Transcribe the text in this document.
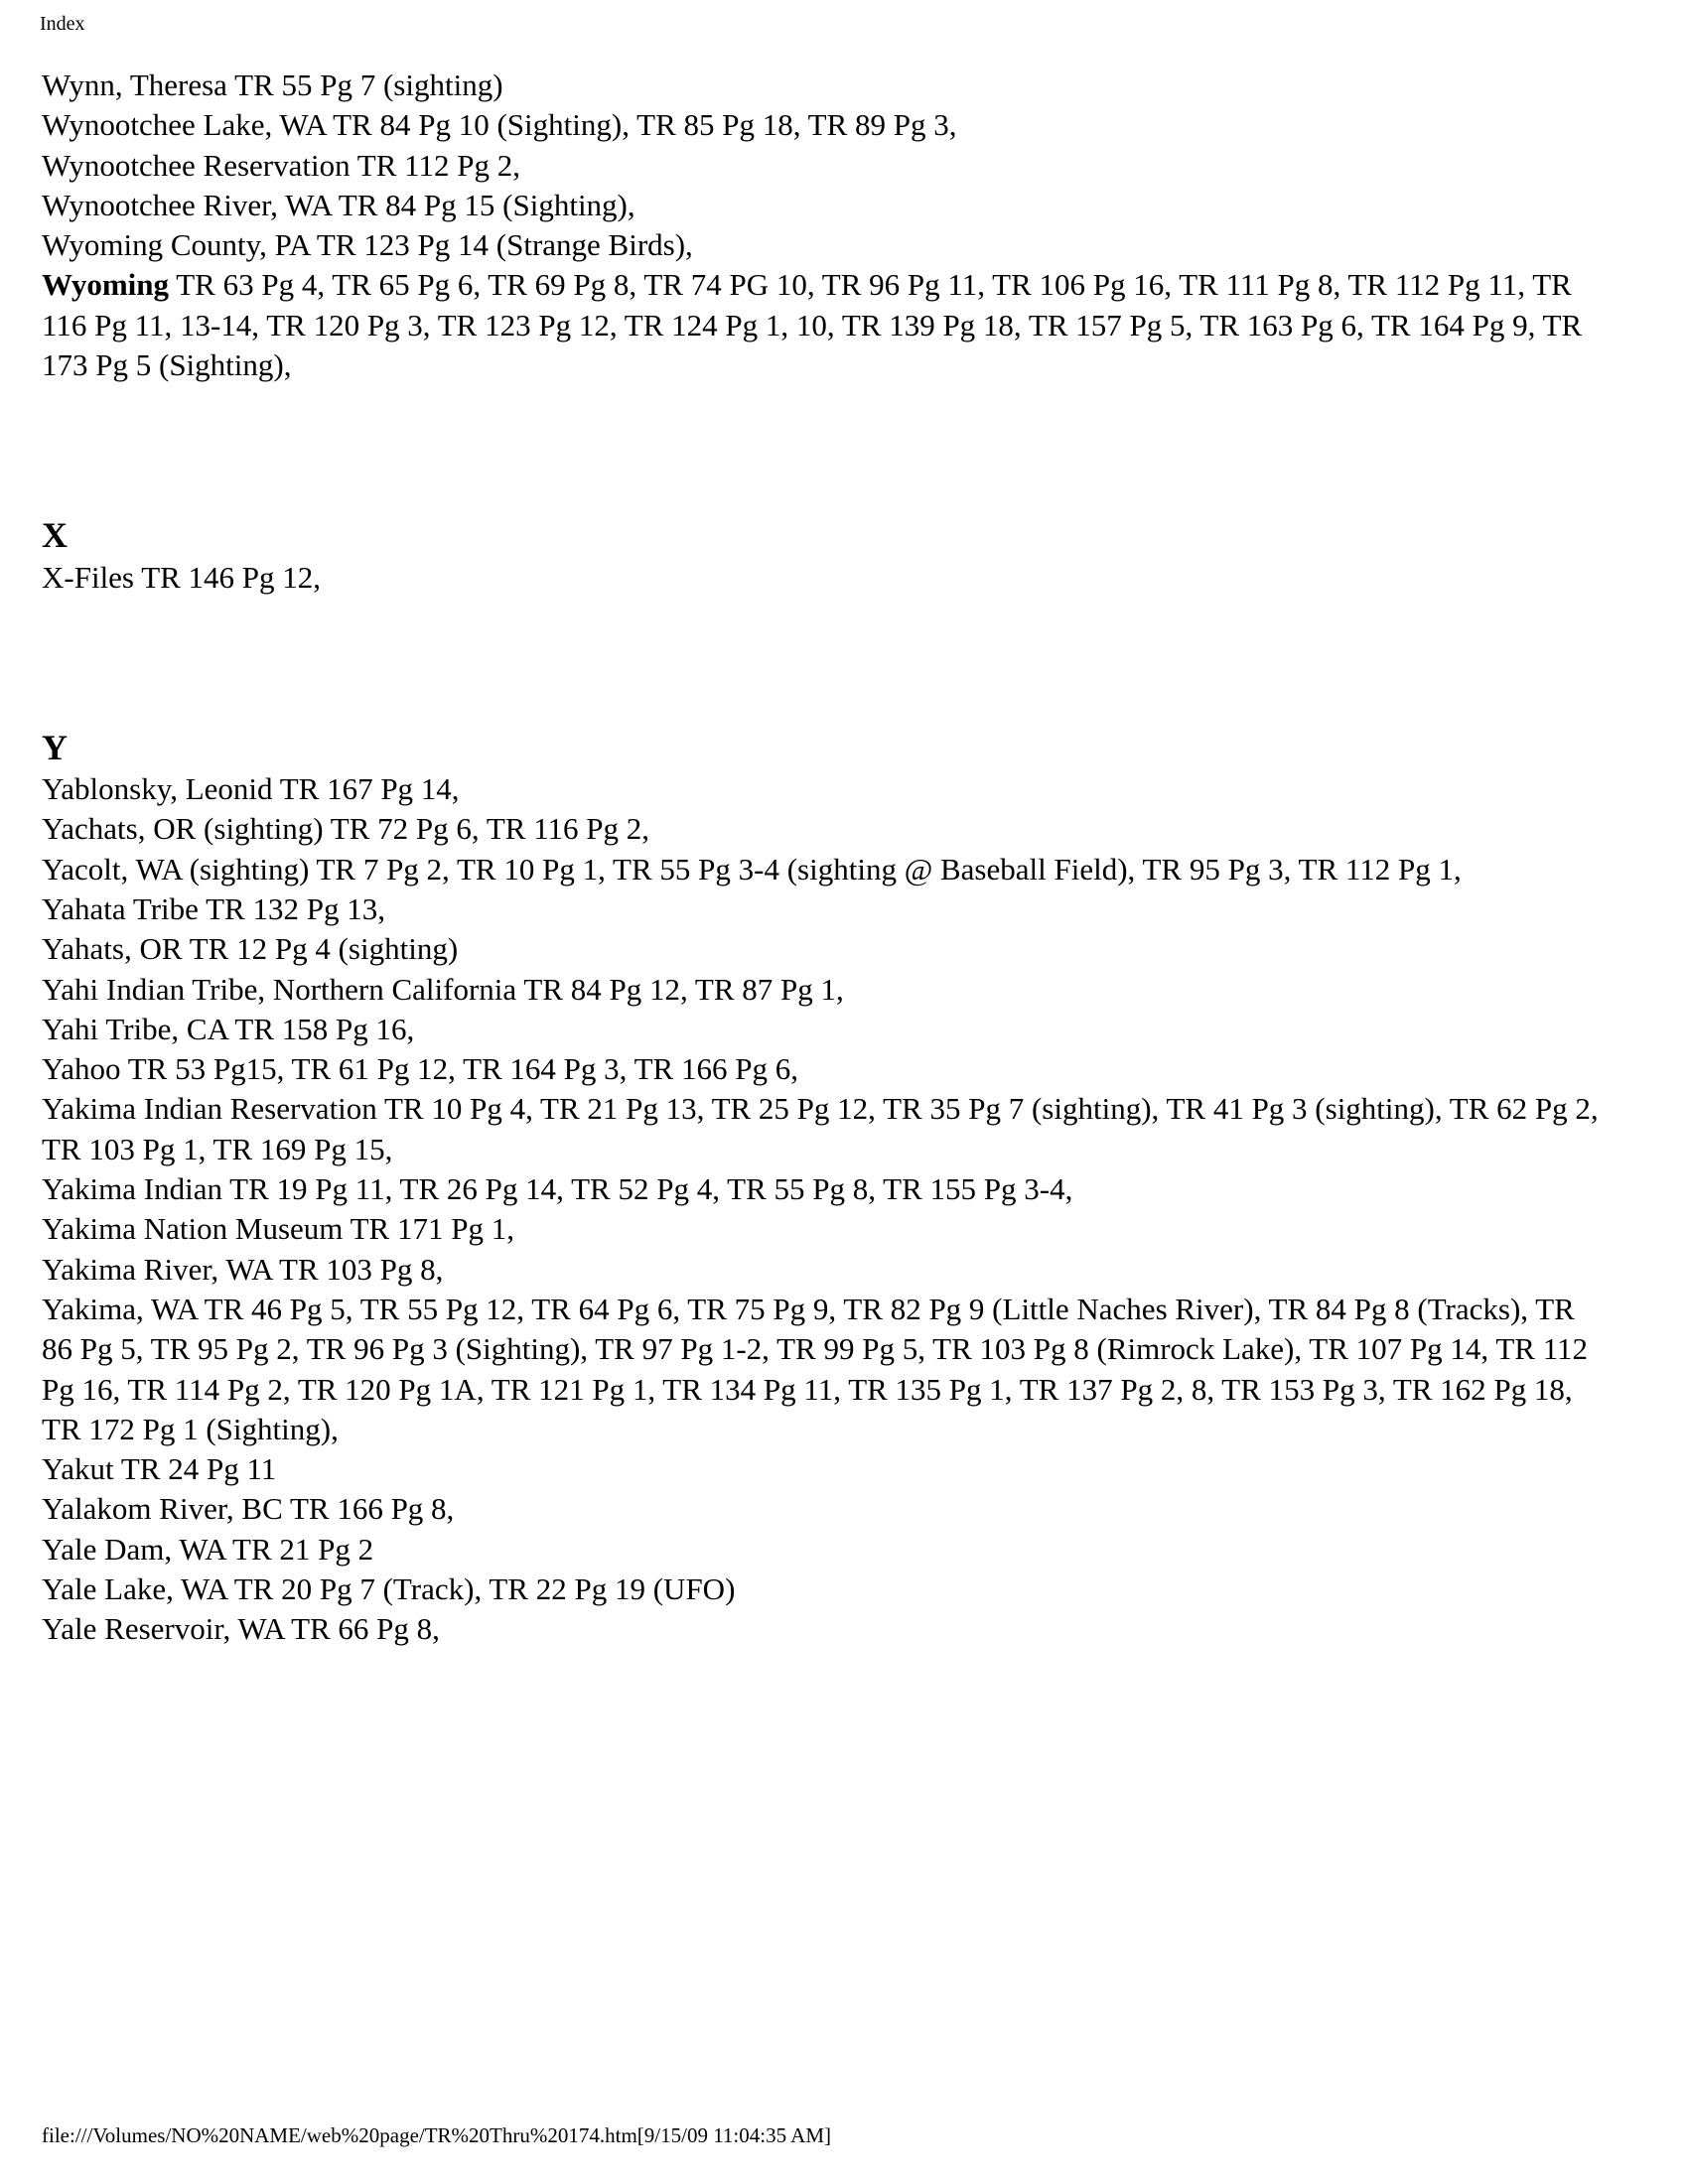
Index
Wynn, Theresa TR 55 Pg 7 (sighting)
Wynootchee Lake, WA TR 84 Pg 10 (Sighting), TR 85 Pg 18, TR 89 Pg 3,
Wynootchee Reservation TR 112 Pg 2,
Wynootchee River, WA TR 84 Pg 15 (Sighting),
Wyoming County, PA TR 123 Pg 14 (Strange Birds),
Wyoming TR 63 Pg 4, TR 65 Pg 6, TR 69 Pg 8, TR 74 PG 10, TR 96 Pg 11, TR 106 Pg 16, TR 111 Pg 8, TR 112 Pg 11, TR 116 Pg 11, 13-14, TR 120 Pg 3, TR 123 Pg 12, TR 124 Pg 1, 10, TR 139 Pg 18, TR 157 Pg 5, TR 163 Pg 6, TR 164 Pg 9, TR 173 Pg 5 (Sighting),
X
X-Files TR 146 Pg 12,
Y
Yablonsky, Leonid TR 167 Pg 14,
Yachats, OR (sighting) TR 72 Pg 6, TR 116 Pg 2,
Yacolt, WA (sighting) TR 7 Pg 2, TR 10 Pg 1, TR 55 Pg 3-4 (sighting @ Baseball Field), TR 95 Pg 3, TR 112 Pg 1,
Yahata Tribe TR 132 Pg 13,
Yahats, OR TR 12 Pg 4 (sighting)
Yahi Indian Tribe, Northern California TR 84 Pg 12, TR 87 Pg 1,
Yahi Tribe, CA TR 158 Pg 16,
Yahoo TR 53 Pg15, TR 61 Pg 12, TR 164 Pg 3, TR 166 Pg 6,
Yakima Indian Reservation TR 10 Pg 4, TR 21 Pg 13, TR 25 Pg 12, TR 35 Pg 7 (sighting), TR 41 Pg 3 (sighting), TR 62 Pg 2, TR 103 Pg 1, TR 169 Pg 15,
Yakima Indian TR 19 Pg 11, TR 26 Pg 14, TR 52 Pg 4, TR 55 Pg 8, TR 155 Pg 3-4,
Yakima Nation Museum TR 171 Pg 1,
Yakima River, WA TR 103 Pg 8,
Yakima, WA TR 46 Pg 5, TR 55 Pg 12, TR 64 Pg 6, TR 75 Pg 9, TR 82 Pg 9 (Little Naches River), TR 84 Pg 8 (Tracks), TR 86 Pg 5, TR 95 Pg 2, TR 96 Pg 3 (Sighting), TR 97 Pg 1-2, TR 99 Pg 5, TR 103 Pg 8 (Rimrock Lake), TR 107 Pg 14, TR 112 Pg 16, TR 114 Pg 2, TR 120 Pg 1A, TR 121 Pg 1, TR 134 Pg 11, TR 135 Pg 1, TR 137 Pg 2, 8, TR 153 Pg 3, TR 162 Pg 18, TR 172 Pg 1 (Sighting),
Yakut TR 24 Pg 11
Yalakom River, BC TR 166 Pg 8,
Yale Dam, WA TR 21 Pg 2
Yale Lake, WA TR 20 Pg 7 (Track), TR 22 Pg 19 (UFO)
Yale Reservoir, WA TR 66 Pg 8,
file:///Volumes/NO%20NAME/web%20page/TR%20Thru%20174.htm[9/15/09 11:04:35 AM]
